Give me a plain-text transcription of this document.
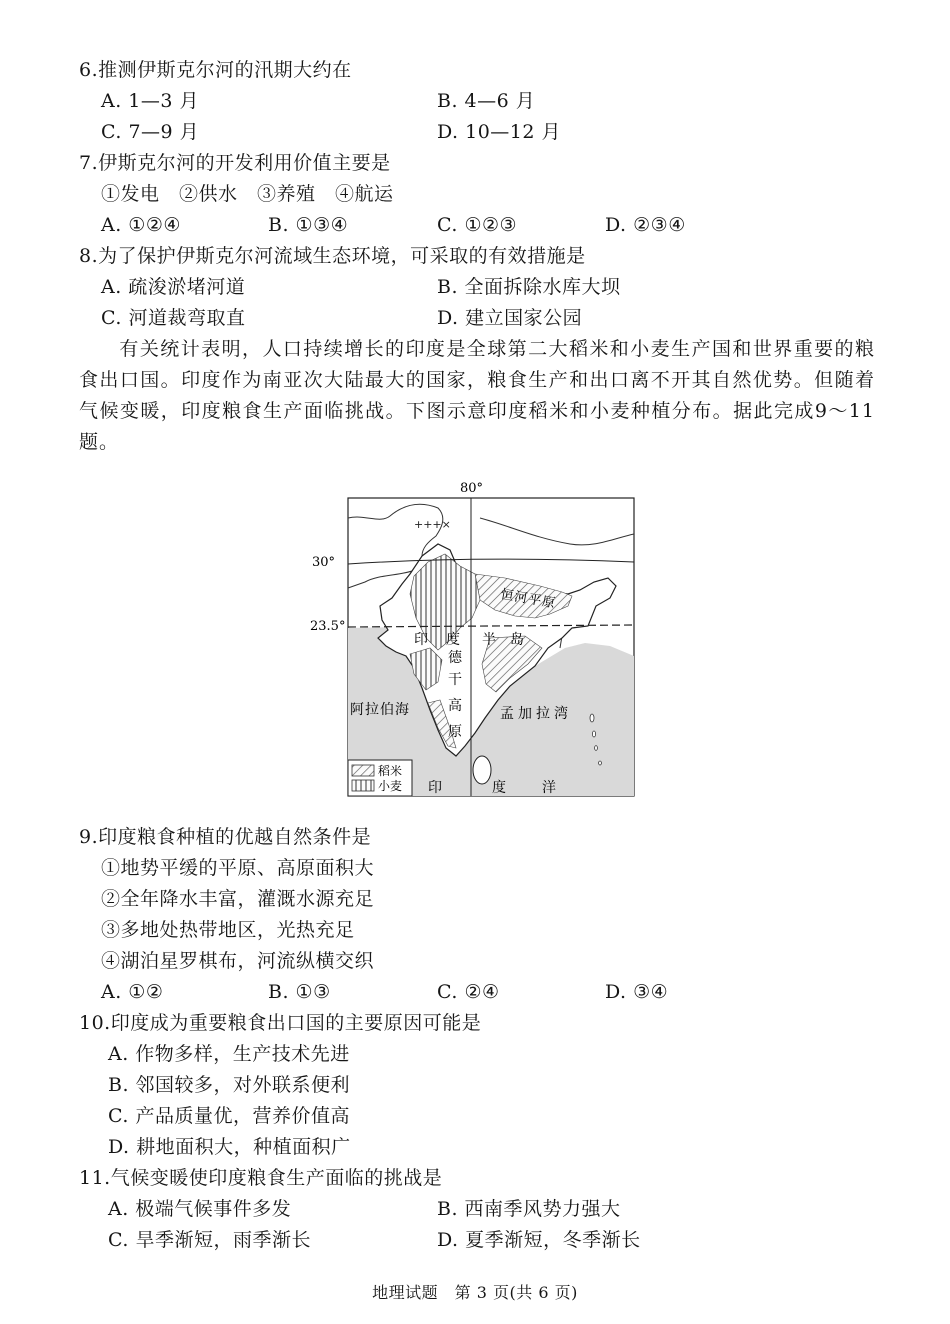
6.推测伊斯克尔河的汛期大约在
A. 1—3 月	B. 4—6 月
C. 7—9 月	D. 10—12 月
7.伊斯克尔河的开发利用价值主要是
①发电　②供水　③养殖　④航运
A. ①②④	B. ①③④	C. ①②③	D. ②③④
8.为了保护伊斯克尔河流域生态环境，可采取的有效措施是
A. 疏浚淤堵河道	B. 全面拆除水库大坝
C. 河道裁弯取直	D. 建立国家公园
有关统计表明，人口持续增长的印度是全球第二大稻米和小麦生产国和世界重要的粮食出口国。印度作为南亚次大陆最大的国家，粮食生产和出口离不开其自然优势。但随着气候变暖，印度粮食生产面临挑战。下图示意印度稻米和小麦种植分布。据此完成9～11题。
+++×
80°
30°
23.5°
恒河平原
印 度 半 岛
德
干
高
原
阿拉伯海	孟加拉湾
印	度	洋
稻米
小麦
9.印度粮食种植的优越自然条件是
①地势平缓的平原、高原面积大
②全年降水丰富，灌溉水源充足
③多地处热带地区，光热充足
④湖泊星罗棋布，河流纵横交织
A. ①②	B. ①③	C. ②④	D. ③④
10.印度成为重要粮食出口国的主要原因可能是
A. 作物多样，生产技术先进
B. 邻国较多，对外联系便利
C. 产品质量优，营养价值高
D. 耕地面积大，种植面积广
11.气候变暖使印度粮食生产面临的挑战是
A. 极端气候事件多发	B. 西南季风势力强大
C. 旱季渐短，雨季渐长	D. 夏季渐短，冬季渐长
地理试题　第 3 页(共 6 页)
